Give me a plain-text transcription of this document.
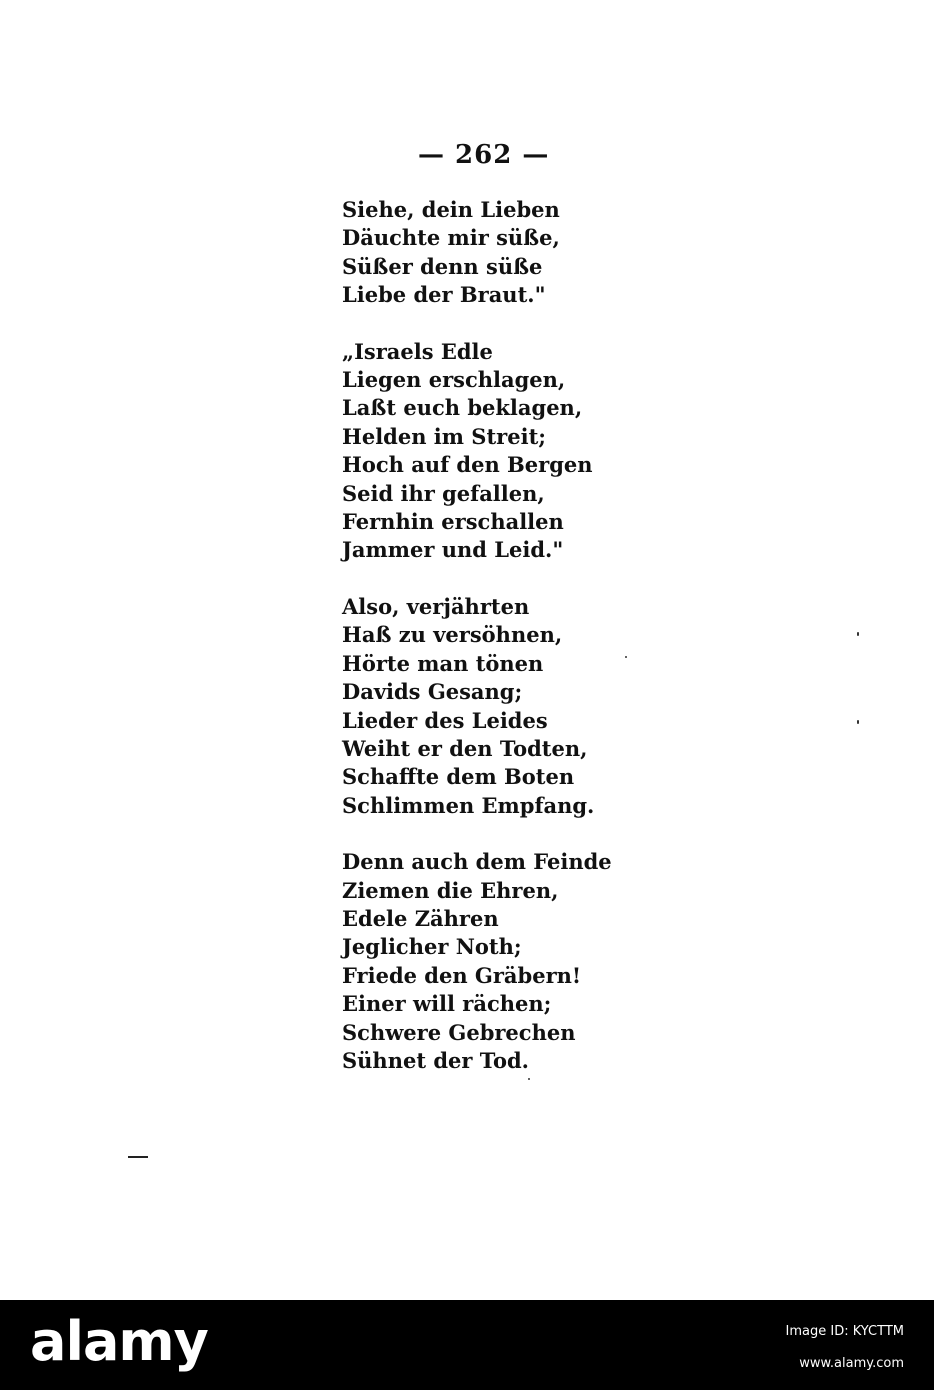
— 262 —
Siehe, dein Lieben
Däuchte mir süße,
Süßer denn süße
Liebe der Braut."
„Israels Edle
Liegen erschlagen,
Laßt euch beklagen,
Helden im Streit;
Hoch auf den Bergen
Seid ihr gefallen,
Fernhin erschallen
Jammer und Leid."
Also, verjährten
Haß zu versöhnen,
Hörte man tönen
Davids Gesang;
Lieder des Leides
Weiht er den Todten,
Schaffte dem Boten
Schlimmen Empfang.
Denn auch dem Feinde
Ziemen die Ehren,
Edele Zähren
Jeglicher Noth;
Friede den Gräbern!
Einer will rächen;
Schwere Gebrechen
Sühnet der Tod.
alamy	Image ID: KYCTTM
www.alamy.com
